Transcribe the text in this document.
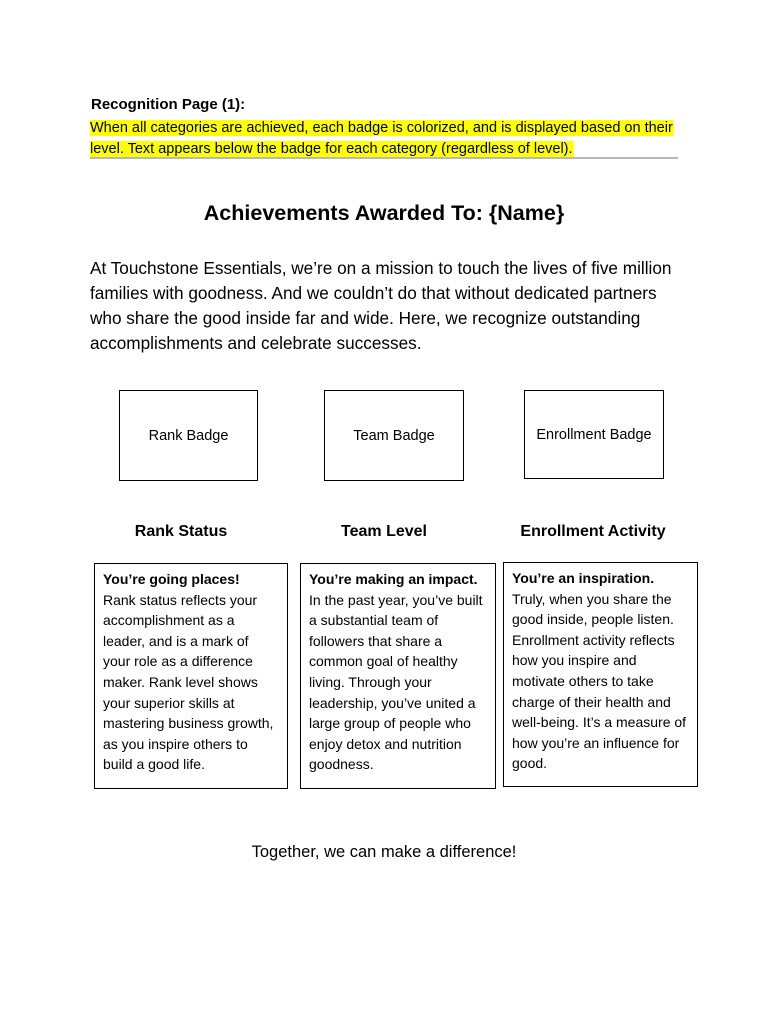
Recognition Page (1):
When all categories are achieved, each badge is colorized, and is displayed based on their level. Text appears below the badge for each category (regardless of level).
Achievements Awarded To: {Name}
At Touchstone Essentials, we’re on a mission to touch the lives of five million families with goodness. And we couldn’t do that without dedicated partners who share the good inside far and wide. Here, we recognize outstanding accomplishments and celebrate successes.
Rank Badge	Team Badge	Enrollment Badge
Rank Status	Team Level	Enrollment Activity
You’re going places!
Rank status reflects your accomplishment as a leader, and is a mark of your role as a difference maker. Rank level shows your superior skills at mastering business growth, as you inspire others to build a good life.
You’re making an impact.
In the past year, you’ve built a substantial team of followers that share a common goal of healthy living. Through your leadership, you’ve united a large group of people who enjoy detox and nutrition goodness.
You’re an inspiration.
Truly, when you share the good inside, people listen. Enrollment activity reflects how you inspire and motivate others to take charge of their health and well-being. It’s a measure of how you’re an influence for good.
Together, we can make a difference!
